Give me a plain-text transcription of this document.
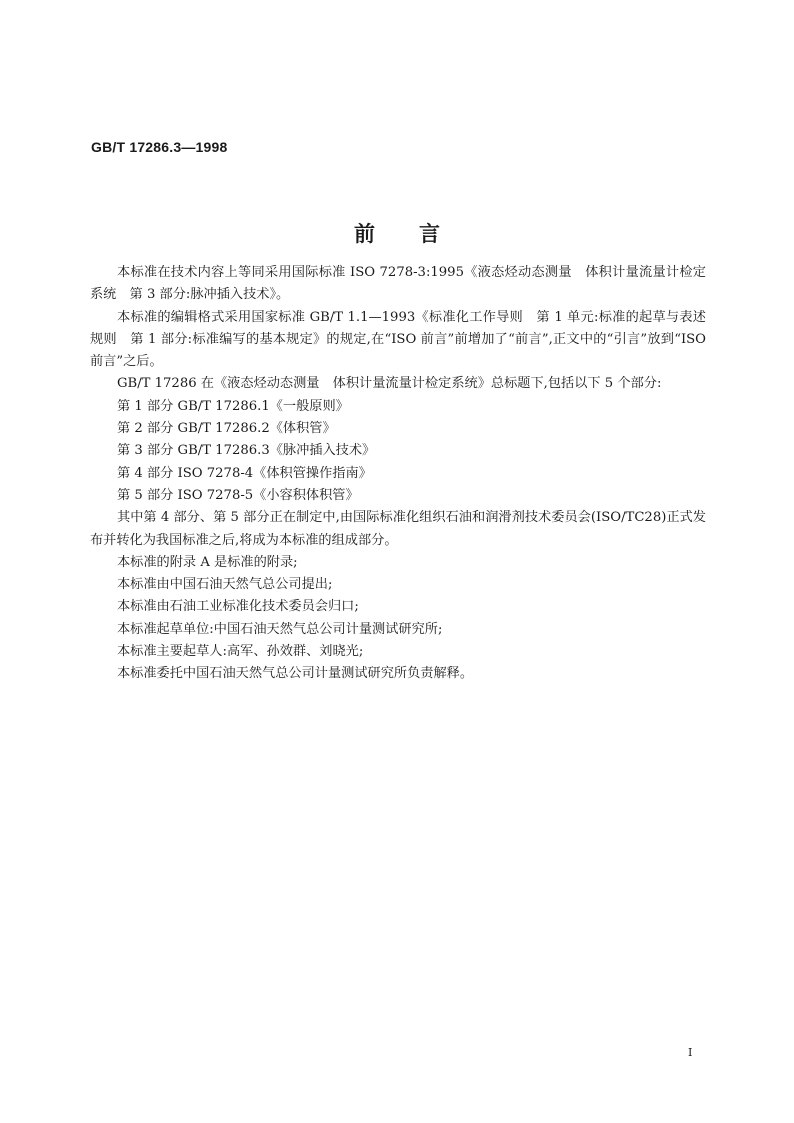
GB/T 17286.3—1998
前言

本标准在技术内容上等同采用国际标准 ISO 7278-3:1995《液态烃动态测量　体积计量流量计检定系统　第 3 部分:脉冲插入技术》。

本标准的编辑格式采用国家标准 GB/T 1.1—1993《标准化工作导则　第 1 单元:标准的起草与表述规则　第 1 部分:标准编写的基本规定》的规定,在“ISO 前言”前增加了“前言”,正文中的“引言”放到“ISO 前言”之后。

GB/T 17286 在《液态烃动态测量　体积计量流量计检定系统》总标题下,包括以下 5 个部分:

第 1 部分 GB/T 17286.1《一般原则》

第 2 部分 GB/T 17286.2《体积管》

第 3 部分 GB/T 17286.3《脉冲插入技术》

第 4 部分 ISO 7278-4《体积管操作指南》

第 5 部分 ISO 7278-5《小容积体积管》

其中第 4 部分、第 5 部分正在制定中,由国际标准化组织石油和润滑剂技术委员会(ISO/TC28)正式发布并转化为我国标准之后,将成为本标准的组成部分。

本标准的附录 A 是标准的附录;

本标准由中国石油天然气总公司提出;

本标准由石油工业标准化技术委员会归口;

本标准起草单位:中国石油天然气总公司计量测试研究所;

本标准主要起草人:高军、孙效群、刘晓光;

本标准委托中国石油天然气总公司计量测试研究所负责解释。

I
